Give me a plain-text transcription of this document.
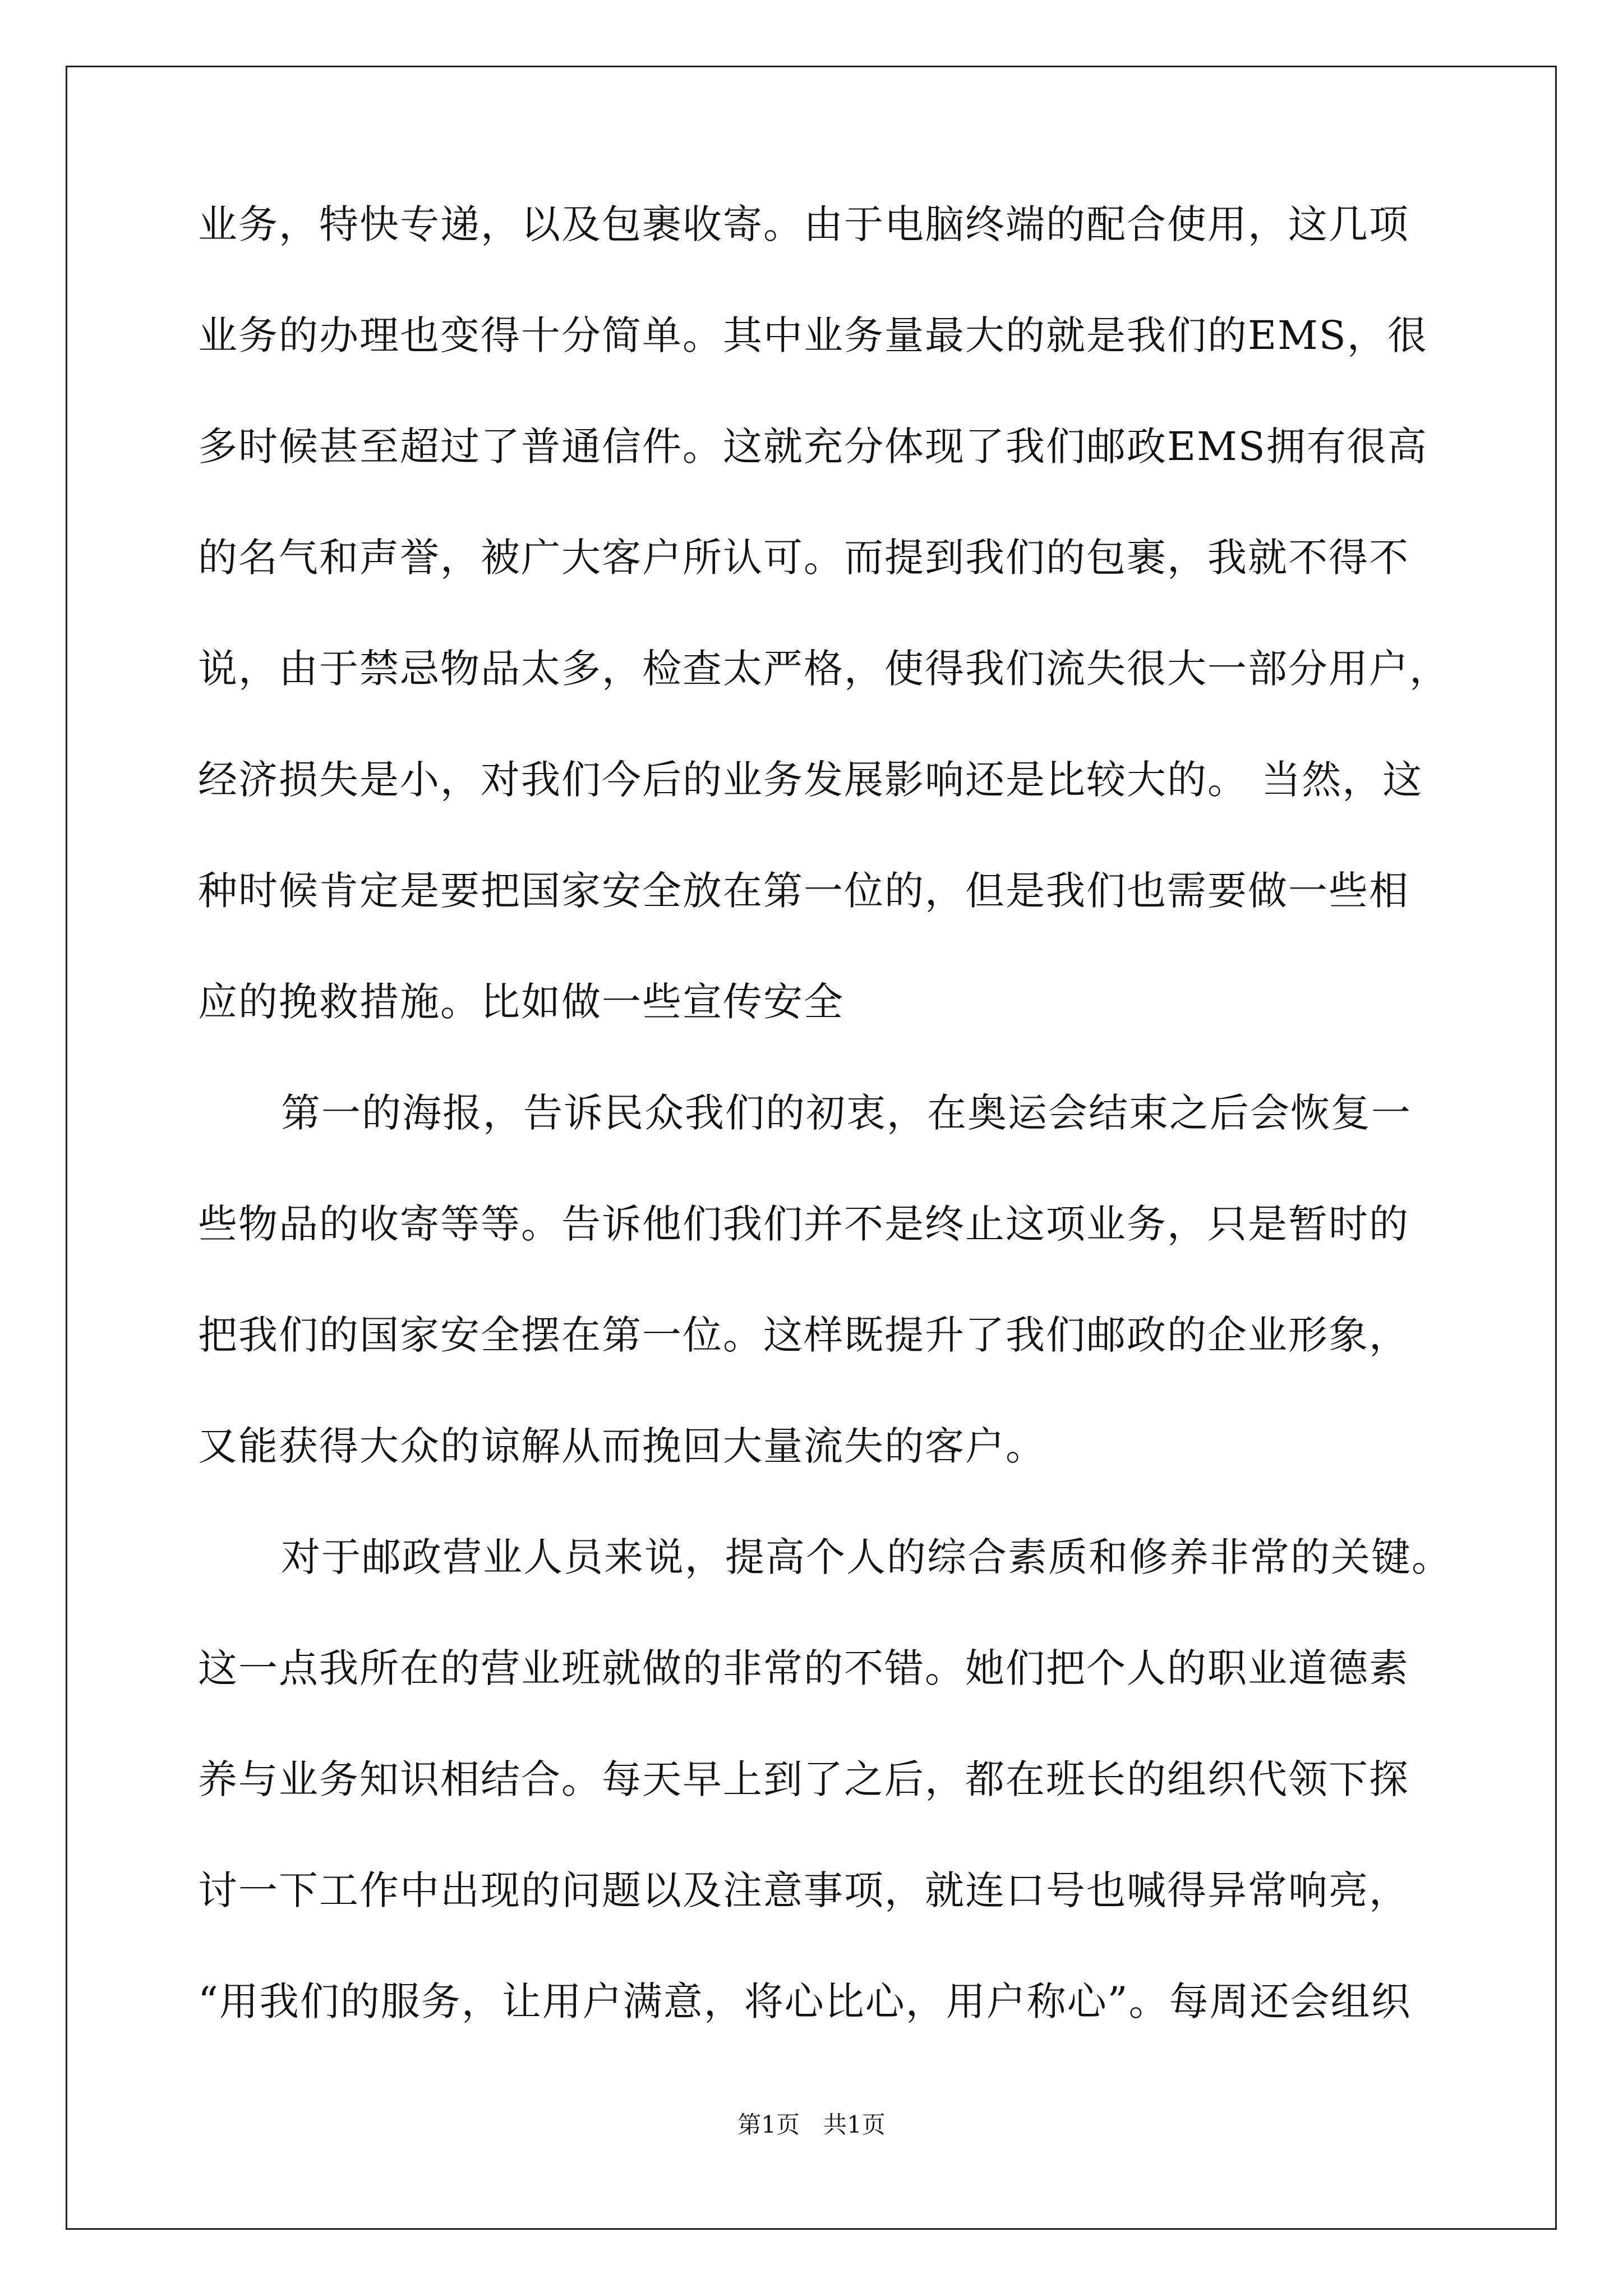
业务，特快专递，以及包裹收寄。由于电脑终端的配合使用，这几项
业务的办理也变得十分简单。其中业务量最大的就是我们的EMS，很
多时候甚至超过了普通信件。这就充分体现了我们邮政EMS拥有很高
的名气和声誉，被广大客户所认可。而提到我们的包裹，我就不得不
说，由于禁忌物品太多，检查太严格，使得我们流失很大一部分用户，
经济损失是小，对我们今后的业务发展影响还是比较大的。 当然，这
种时候肯定是要把国家安全放在第一位的，但是我们也需要做一些相
应的挽救措施。比如做一些宣传安全
第一的海报，告诉民众我们的初衷，在奥运会结束之后会恢复一
些物品的收寄等等。告诉他们我们并不是终止这项业务，只是暂时的
把我们的国家安全摆在第一位。这样既提升了我们邮政的企业形象，
又能获得大众的谅解从而挽回大量流失的客户。
对于邮政营业人员来说，提高个人的综合素质和修养非常的关键。
这一点我所在的营业班就做的非常的不错。她们把个人的职业道德素
养与业务知识相结合。每天早上到了之后，都在班长的组织代领下探
讨一下工作中出现的问题以及注意事项，就连口号也喊得异常响亮，
“用我们的服务，让用户满意，将心比心，用户称心”。每周还会组织
第1页　共1页
